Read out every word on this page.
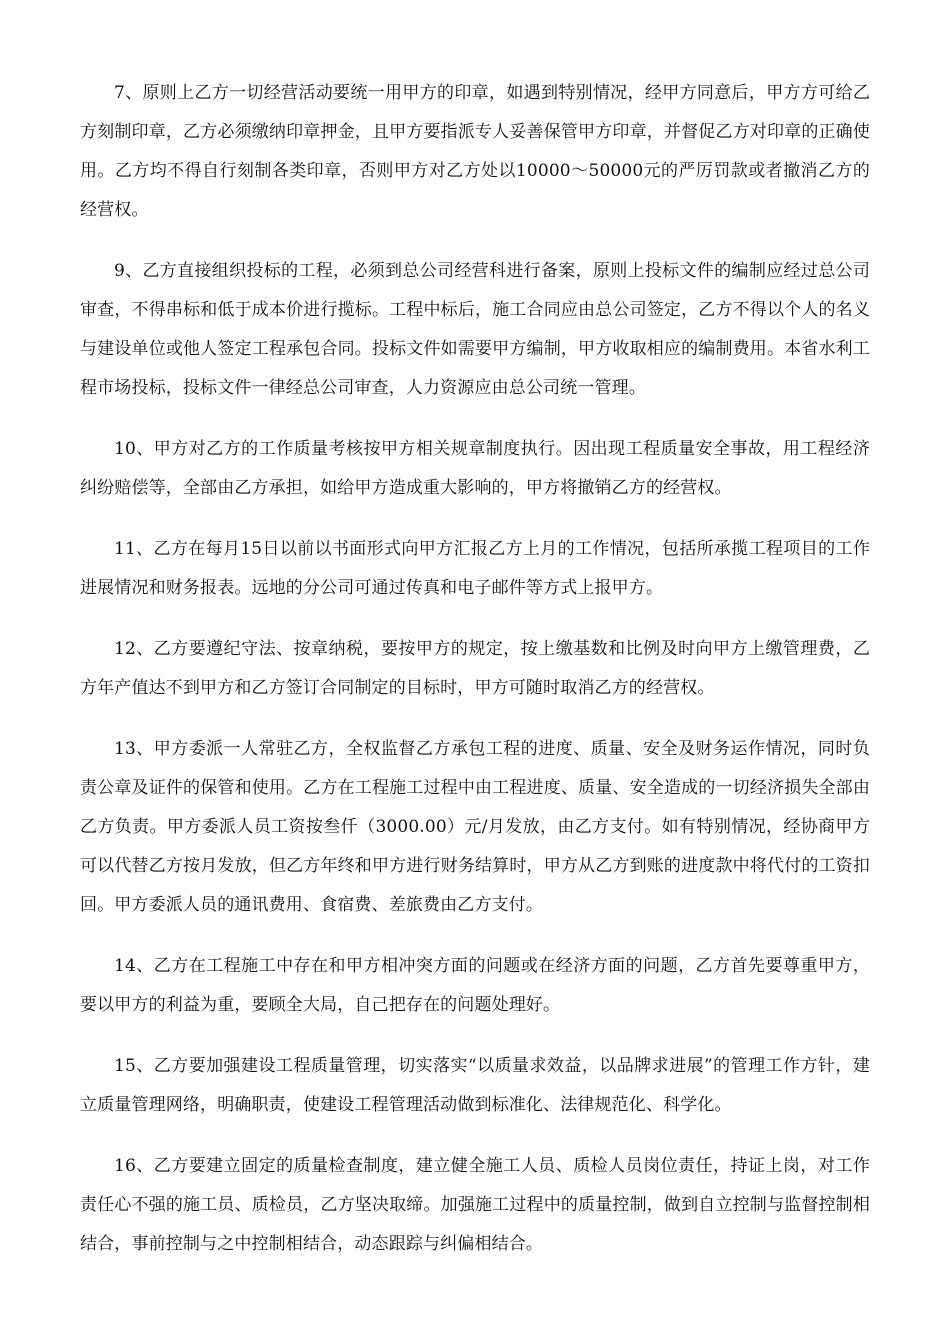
7、原则上乙方一切经营活动要统一用甲方的印章，如遇到特别情况，经甲方同意后，甲方方可给乙方刻制印章，乙方必须缴纳印章押金，且甲方要指派专人妥善保管甲方印章，并督促乙方对印章的正确使用。乙方均不得自行刻制各类印章，否则甲方对乙方处以10000～50000元的严厉罚款或者撤消乙方的经营权。

9、乙方直接组织投标的工程，必须到总公司经营科进行备案，原则上投标文件的编制应经过总公司审查，不得串标和低于成本价进行揽标。工程中标后，施工合同应由总公司签定，乙方不得以个人的名义与建设单位或他人签定工程承包合同。投标文件如需要甲方编制，甲方收取相应的编制费用。本省水利工程市场投标，投标文件一律经总公司审查，人力资源应由总公司统一管理。

10、甲方对乙方的工作质量考核按甲方相关规章制度执行。因出现工程质量安全事故，用工程经济纠纷赔偿等，全部由乙方承担，如给甲方造成重大影响的，甲方将撤销乙方的经营权。

11、乙方在每月15日以前以书面形式向甲方汇报乙方上月的工作情况，包括所承揽工程项目的工作进展情况和财务报表。远地的分公司可通过传真和电子邮件等方式上报甲方。

12、乙方要遵纪守法、按章纳税，要按甲方的规定，按上缴基数和比例及时向甲方上缴管理费，乙方年产值达不到甲方和乙方签订合同制定的目标时，甲方可随时取消乙方的经营权。

13、甲方委派一人常驻乙方，全权监督乙方承包工程的进度、质量、安全及财务运作情况，同时负责公章及证件的保管和使用。乙方在工程施工过程中由工程进度、质量、安全造成的一切经济损失全部由乙方负责。甲方委派人员工资按叁仟（3000.00）元/月发放，由乙方支付。如有特别情况，经协商甲方可以代替乙方按月发放，但乙方年终和甲方进行财务结算时，甲方从乙方到账的进度款中将代付的工资扣回。甲方委派人员的通讯费用、食宿费、差旅费由乙方支付。

14、乙方在工程施工中存在和甲方相冲突方面的问题或在经济方面的问题，乙方首先要尊重甲方，要以甲方的利益为重，要顾全大局，自己把存在的问题处理好。

15、乙方要加强建设工程质量管理，切实落实“以质量求效益，以品牌求进展”的管理工作方针，建立质量管理网络，明确职责，使建设工程管理活动做到标准化、法律规范化、科学化。

16、乙方要建立固定的质量检查制度，建立健全施工人员、质检人员岗位责任，持证上岗，对工作责任心不强的施工员、质检员，乙方坚决取缔。加强施工过程中的质量控制，做到自立控制与监督控制相结合，事前控制与之中控制相结合，动态跟踪与纠偏相结合。
